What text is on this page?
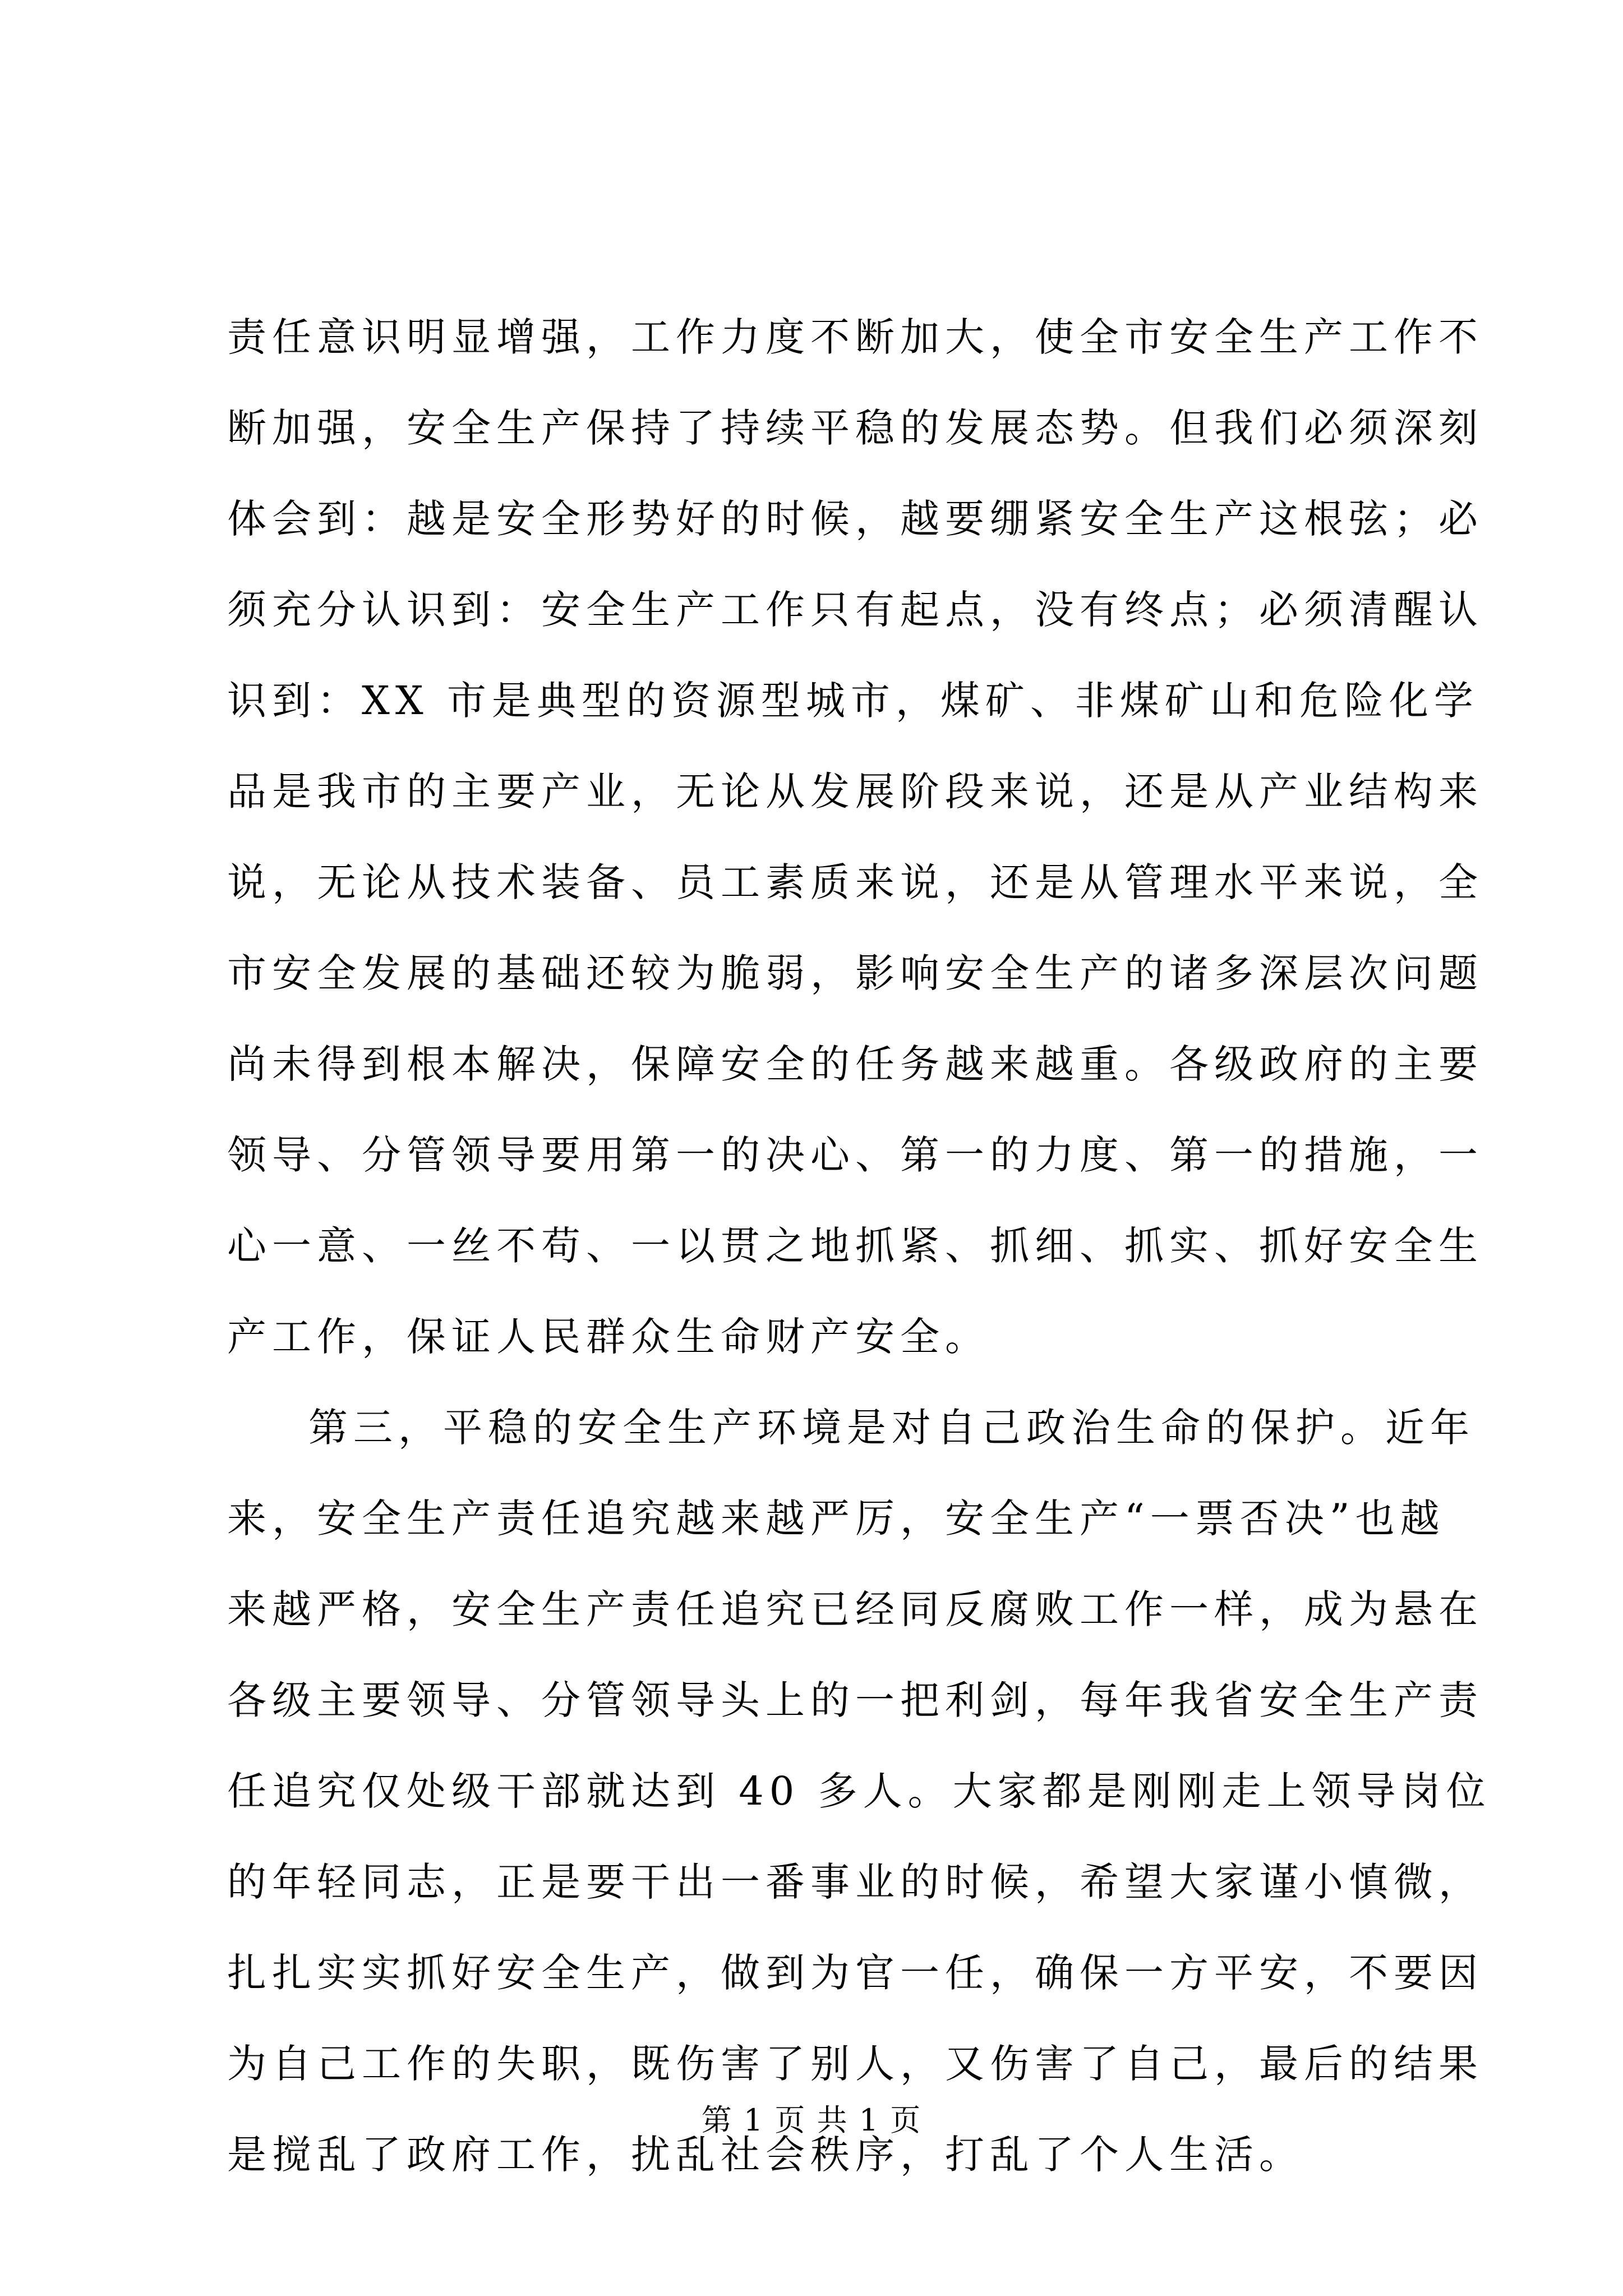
责任意识明显增强，工作力度不断加大，使全市安全生产工作不
断加强，安全生产保持了持续平稳的发展态势。但我们必须深刻
体会到：越是安全形势好的时候，越要绷紧安全生产这根弦；必
须充分认识到：安全生产工作只有起点，没有终点；必须清醒认
识到：XX 市是典型的资源型城市，煤矿、非煤矿山和危险化学
品是我市的主要产业，无论从发展阶段来说，还是从产业结构来
说，无论从技术装备、员工素质来说，还是从管理水平来说，全
市安全发展的基础还较为脆弱，影响安全生产的诸多深层次问题
尚未得到根本解决，保障安全的任务越来越重。各级政府的主要
领导、分管领导要用第一的决心、第一的力度、第一的措施，一
心一意、一丝不苟、一以贯之地抓紧、抓细、抓实、抓好安全生
产工作，保证人民群众生命财产安全。
第三，平稳的安全生产环境是对自己政治生命的保护。近年
来，安全生产责任追究越来越严厉，安全生产“一票否决”也越
来越严格，安全生产责任追究已经同反腐败工作一样，成为悬在
各级主要领导、分管领导头上的一把利剑，每年我省安全生产责
任追究仅处级干部就达到 40 多人。大家都是刚刚走上领导岗位
的年轻同志，正是要干出一番事业的时候，希望大家谨小慎微，
扎扎实实抓好安全生产，做到为官一任，确保一方平安，不要因
为自己工作的失职，既伤害了别人，又伤害了自己，最后的结果
是搅乱了政府工作，扰乱社会秩序，打乱了个人生活。
第 1 页 共 1 页
